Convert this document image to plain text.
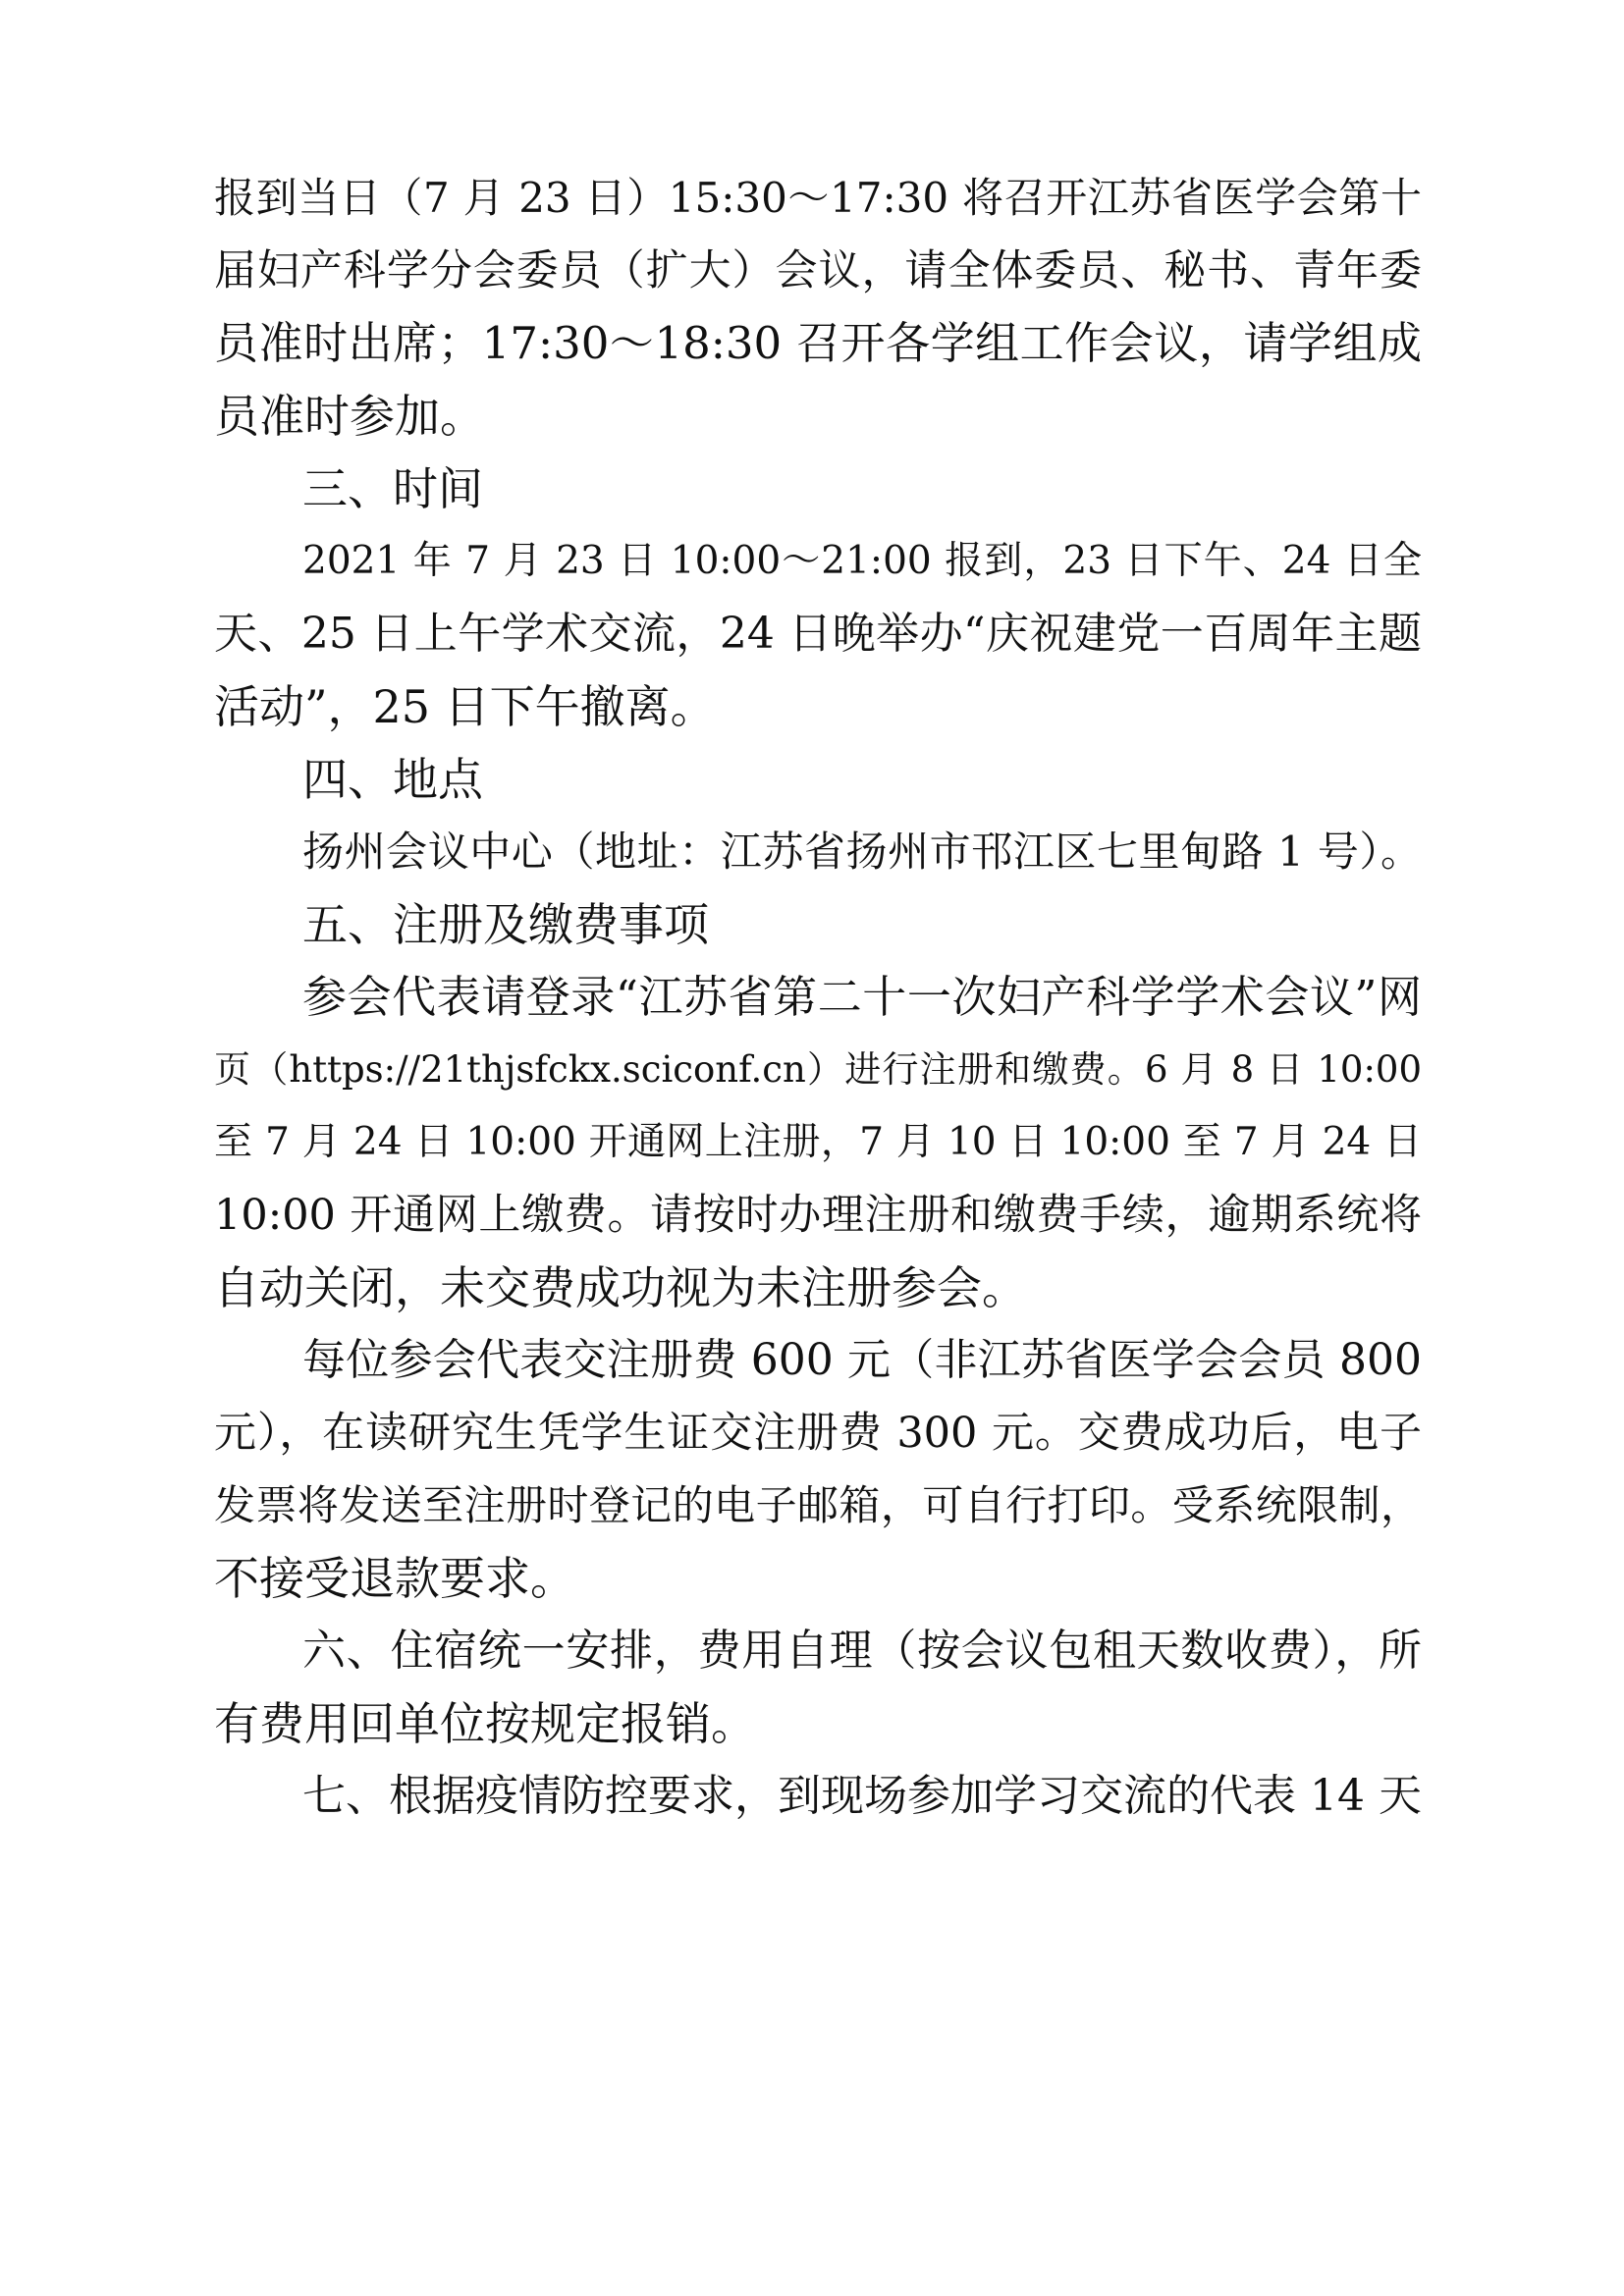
报到当日（7 月 23 日）15:30～17:30 将召开江苏省医学会第十
届妇产科学分会委员（扩大）会议，请全体委员、秘书、青年委
员准时出席；17:30～18:30 召开各学组工作会议，请学组成
员准时参加。
三、时间
2021 年 7 月 23 日 10:00～21:00 报到，23 日下午、24 日全
天、25 日上午学术交流，24 日晚举办“庆祝建党一百周年主题
活动”，25 日下午撤离。
四、地点
扬州会议中心（地址：江苏省扬州市邗江区七里甸路 1 号）。
五、注册及缴费事项
参会代表请登录“江苏省第二十一次妇产科学学术会议”网
页（https://21thjsfckx.sciconf.cn）进行注册和缴费。6 月 8 日 10:00
至 7 月 24 日 10:00 开通网上注册，7 月 10 日 10:00 至 7 月 24 日
10:00 开通网上缴费。请按时办理注册和缴费手续，逾期系统将
自动关闭，未交费成功视为未注册参会。
每位参会代表交注册费 600 元（非江苏省医学会会员 800
元），在读研究生凭学生证交注册费 300 元。交费成功后，电子
发票将发送至注册时登记的电子邮箱，可自行打印。受系统限制，
不接受退款要求。
六、住宿统一安排，费用自理（按会议包租天数收费），所
有费用回单位按规定报销。
七、根据疫情防控要求，到现场参加学习交流的代表 14 天
